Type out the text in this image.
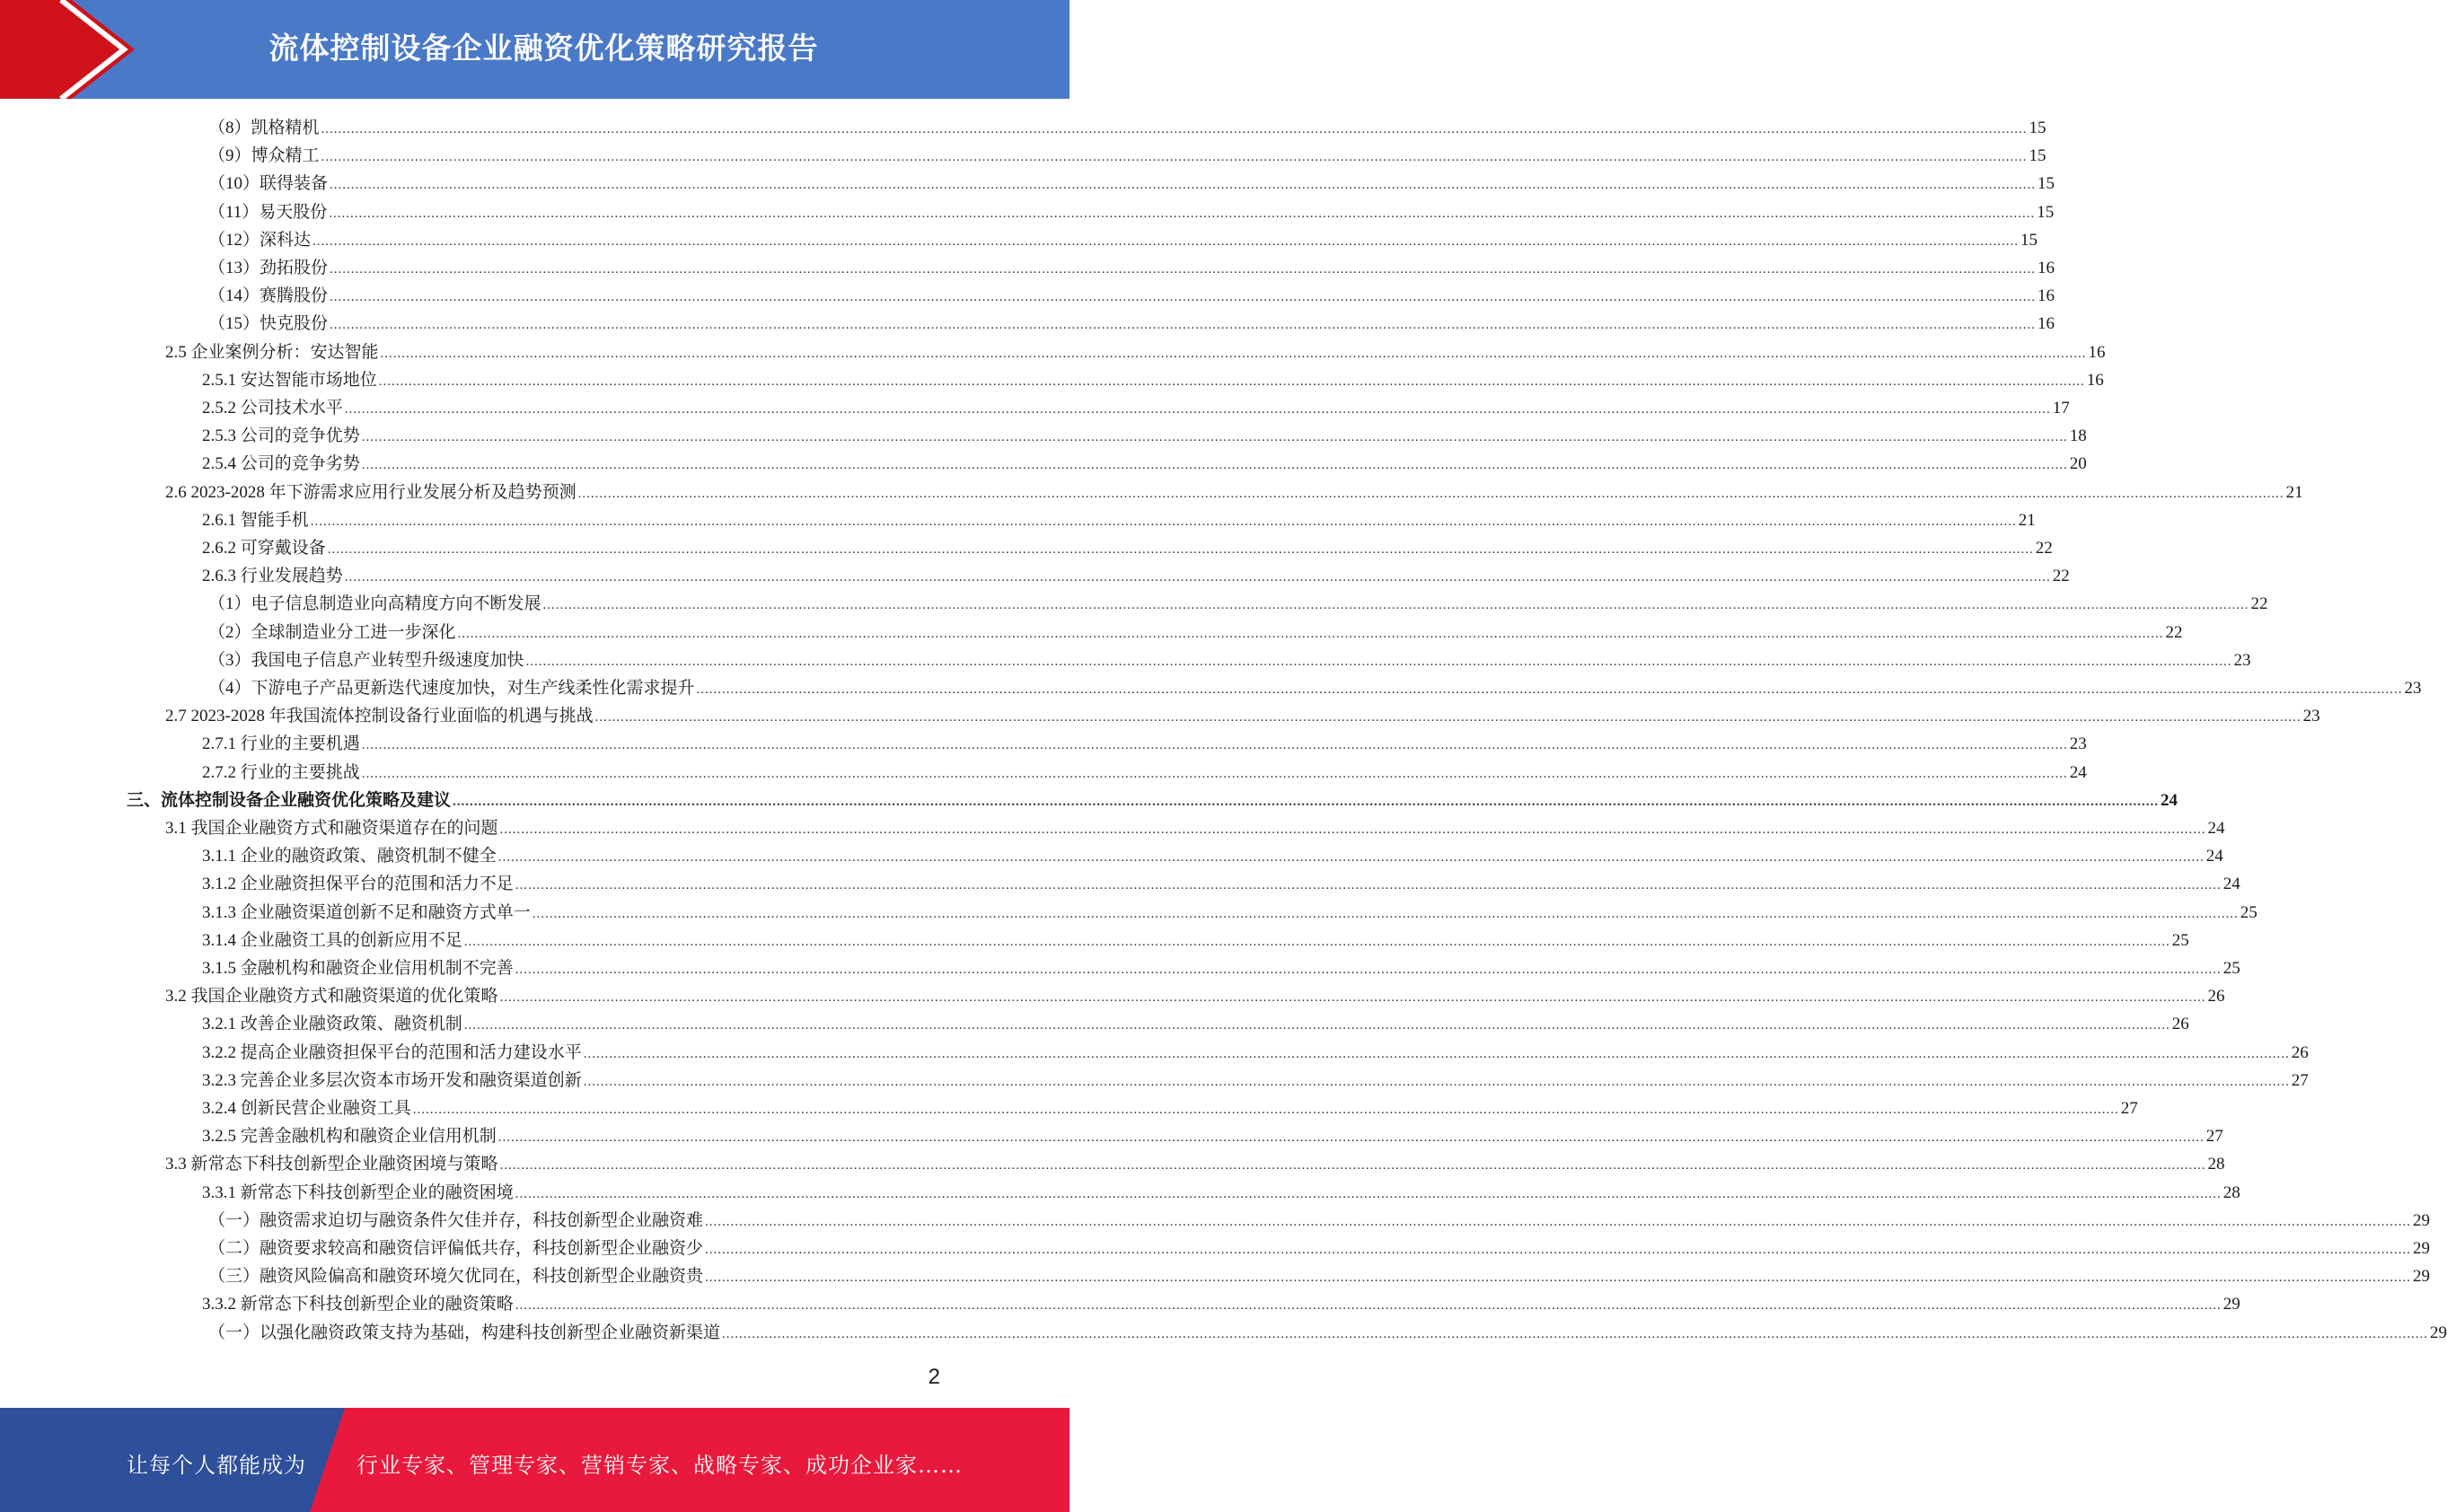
流体控制设备企业融资优化策略研究报告
（8）凯格精机 ................................................................................................................................................................................................................................................................................................................................................................................................................ 15
（9）博众精工 ................................................................................................................................................................................................................................................................................................................................................................................................................ 15
（10）联得装备 ................................................................................................................................................................................................................................................................................................................................................................................................................ 15
（11）易天股份 ................................................................................................................................................................................................................................................................................................................................................................................................................ 15
（12）深科达 ................................................................................................................................................................................................................................................................................................................................................................................................................ 15
（13）劲拓股份 ................................................................................................................................................................................................................................................................................................................................................................................................................ 16
（14）赛腾股份 ................................................................................................................................................................................................................................................................................................................................................................................................................ 16
（15）快克股份 ................................................................................................................................................................................................................................................................................................................................................................................................................ 16
2.5 企业案例分析：安达智能 ................................................................................................................................................................................................................................................................................................................................................................................................................ 16
2.5.1 安达智能市场地位 ................................................................................................................................................................................................................................................................................................................................................................................................................ 16
2.5.2 公司技术水平 ................................................................................................................................................................................................................................................................................................................................................................................................................ 17
2.5.3 公司的竞争优势 ................................................................................................................................................................................................................................................................................................................................................................................................................ 18
2.5.4 公司的竞争劣势 ................................................................................................................................................................................................................................................................................................................................................................................................................ 20
2.6 2023-2028 年下游需求应用行业发展分析及趋势预测 ................................................................................................................................................................................................................................................................................................................................................................................................................ 21
2.6.1 智能手机 ................................................................................................................................................................................................................................................................................................................................................................................................................ 21
2.6.2 可穿戴设备 ................................................................................................................................................................................................................................................................................................................................................................................................................ 22
2.6.3 行业发展趋势 ................................................................................................................................................................................................................................................................................................................................................................................................................ 22
（1）电子信息制造业向高精度方向不断发展 ................................................................................................................................................................................................................................................................................................................................................................................................................ 22
（2）全球制造业分工进一步深化 ................................................................................................................................................................................................................................................................................................................................................................................................................ 22
（3）我国电子信息产业转型升级速度加快 ................................................................................................................................................................................................................................................................................................................................................................................................................ 23
（4）下游电子产品更新迭代速度加快，对生产线柔性化需求提升 ................................................................................................................................................................................................................................................................................................................................................................................................................ 23
2.7 2023-2028 年我国流体控制设备行业面临的机遇与挑战 ................................................................................................................................................................................................................................................................................................................................................................................................................ 23
2.7.1 行业的主要机遇 ................................................................................................................................................................................................................................................................................................................................................................................................................ 23
2.7.2 行业的主要挑战 ................................................................................................................................................................................................................................................................................................................................................................................................................ 24
三、流体控制设备企业融资优化策略及建议 ................................................................................................................................................................................................................................................................................................................................................................................................................ 24
3.1 我国企业融资方式和融资渠道存在的问题 ................................................................................................................................................................................................................................................................................................................................................................................................................ 24
3.1.1 企业的融资政策、融资机制不健全 ................................................................................................................................................................................................................................................................................................................................................................................................................ 24
3.1.2 企业融资担保平台的范围和活力不足 ................................................................................................................................................................................................................................................................................................................................................................................................................ 24
3.1.3 企业融资渠道创新不足和融资方式单一 ................................................................................................................................................................................................................................................................................................................................................................................................................ 25
3.1.4 企业融资工具的创新应用不足 ................................................................................................................................................................................................................................................................................................................................................................................................................ 25
3.1.5 金融机构和融资企业信用机制不完善 ................................................................................................................................................................................................................................................................................................................................................................................................................ 25
3.2 我国企业融资方式和融资渠道的优化策略 ................................................................................................................................................................................................................................................................................................................................................................................................................ 26
3.2.1 改善企业融资政策、融资机制 ................................................................................................................................................................................................................................................................................................................................................................................................................ 26
3.2.2 提高企业融资担保平台的范围和活力建设水平 ................................................................................................................................................................................................................................................................................................................................................................................................................ 26
3.2.3 完善企业多层次资本市场开发和融资渠道创新 ................................................................................................................................................................................................................................................................................................................................................................................................................ 27
3.2.4 创新民营企业融资工具 ................................................................................................................................................................................................................................................................................................................................................................................................................ 27
3.2.5 完善金融机构和融资企业信用机制 ................................................................................................................................................................................................................................................................................................................................................................................................................ 27
3.3 新常态下科技创新型企业融资困境与策略 ................................................................................................................................................................................................................................................................................................................................................................................................................ 28
3.3.1 新常态下科技创新型企业的融资困境 ................................................................................................................................................................................................................................................................................................................................................................................................................ 28
（一）融资需求迫切与融资条件欠佳并存，科技创新型企业融资难 ................................................................................................................................................................................................................................................................................................................................................................................................................ 29
（二）融资要求较高和融资信评偏低共存，科技创新型企业融资少 ................................................................................................................................................................................................................................................................................................................................................................................................................ 29
（三）融资风险偏高和融资环境欠优同在，科技创新型企业融资贵 ................................................................................................................................................................................................................................................................................................................................................................................................................ 29
3.3.2 新常态下科技创新型企业的融资策略 ................................................................................................................................................................................................................................................................................................................................................................................................................ 29
（一）以强化融资政策支持为基础，构建科技创新型企业融资新渠道 ................................................................................................................................................................................................................................................................................................................................................................................................................ 29
2
让每个人都能成为 行业专家、管理专家、营销专家、战略专家、成功企业家……
